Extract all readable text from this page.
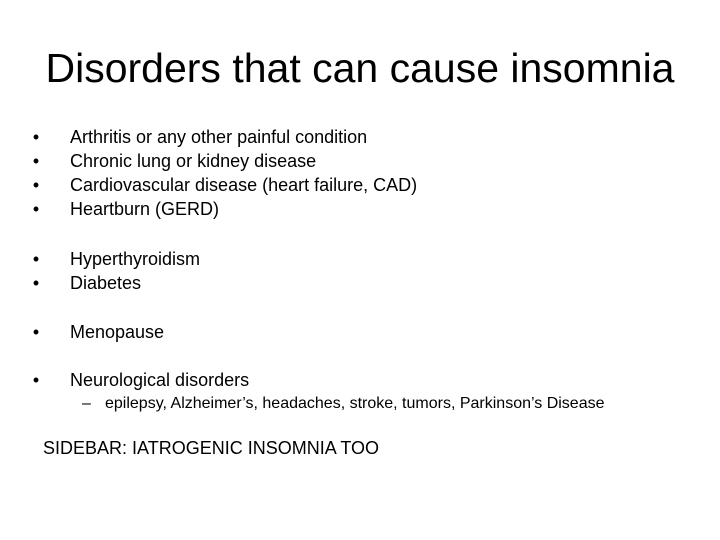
Disorders that can cause insomnia
• Arthritis or any other painful condition
• Chronic lung or kidney disease
• Cardiovascular disease (heart failure, CAD)
• Heartburn (GERD)
• Hyperthyroidism
• Diabetes
• Menopause
• Neurological disorders
– epilepsy, Alzheimer’s, headaches, stroke, tumors, Parkinson’s Disease
SIDEBAR: IATROGENIC INSOMNIA TOO
